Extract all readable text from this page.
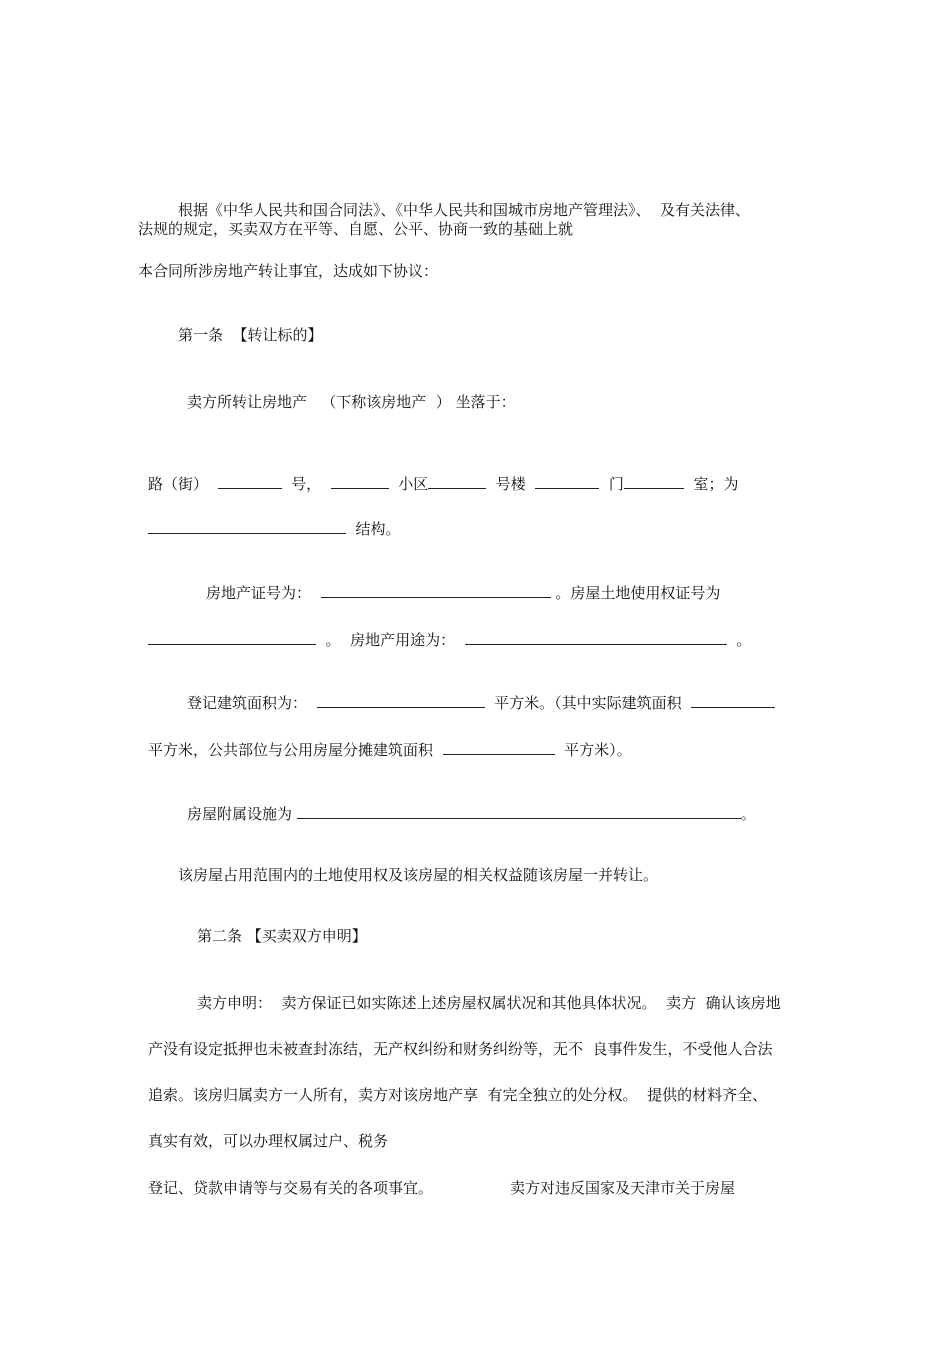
根据《中华人民共和国合同法》、《中华人民共和国城市房地产管理法》、  及有关法律、
法规的规定，买卖双方在平等、自愿、公平、协商一致的基础上就
本合同所涉房地产转让事宜，达成如下协议：
第一条  【转让标的】
卖方所转让房地产   （下称该房地产  ） 坐落于：
路（街）	号，	小区	号楼	门	室；为
结构。
房地产证号为：	。房屋土地使用权证号为
。 房地产用途为：	。
登记建筑面积为：	平方米。（其中实际建筑面积
平方米，公共部位与公用房屋分摊建筑面积	平方米）。
房屋附属设施为	。
该房屋占用范围内的土地使用权及该房屋的相关权益随该房屋一并转让。
第二条 【买卖双方申明】
卖方申明：  卖方保证已如实陈述上述房屋权属状况和其他具体状况。  卖方  确认该房地
产没有设定抵押也未被查封冻结，无产权纠纷和财务纠纷等，无不  良事件发生，不受他人合法
追索。该房归属卖方一人所有，卖方对该房地产享  有完全独立的处分权。  提供的材料齐全、
真实有效，可以办理权属过户、税务
登记、贷款申请等与交易有关的各项事宜。	卖方对违反国家及天津市关于房屋
